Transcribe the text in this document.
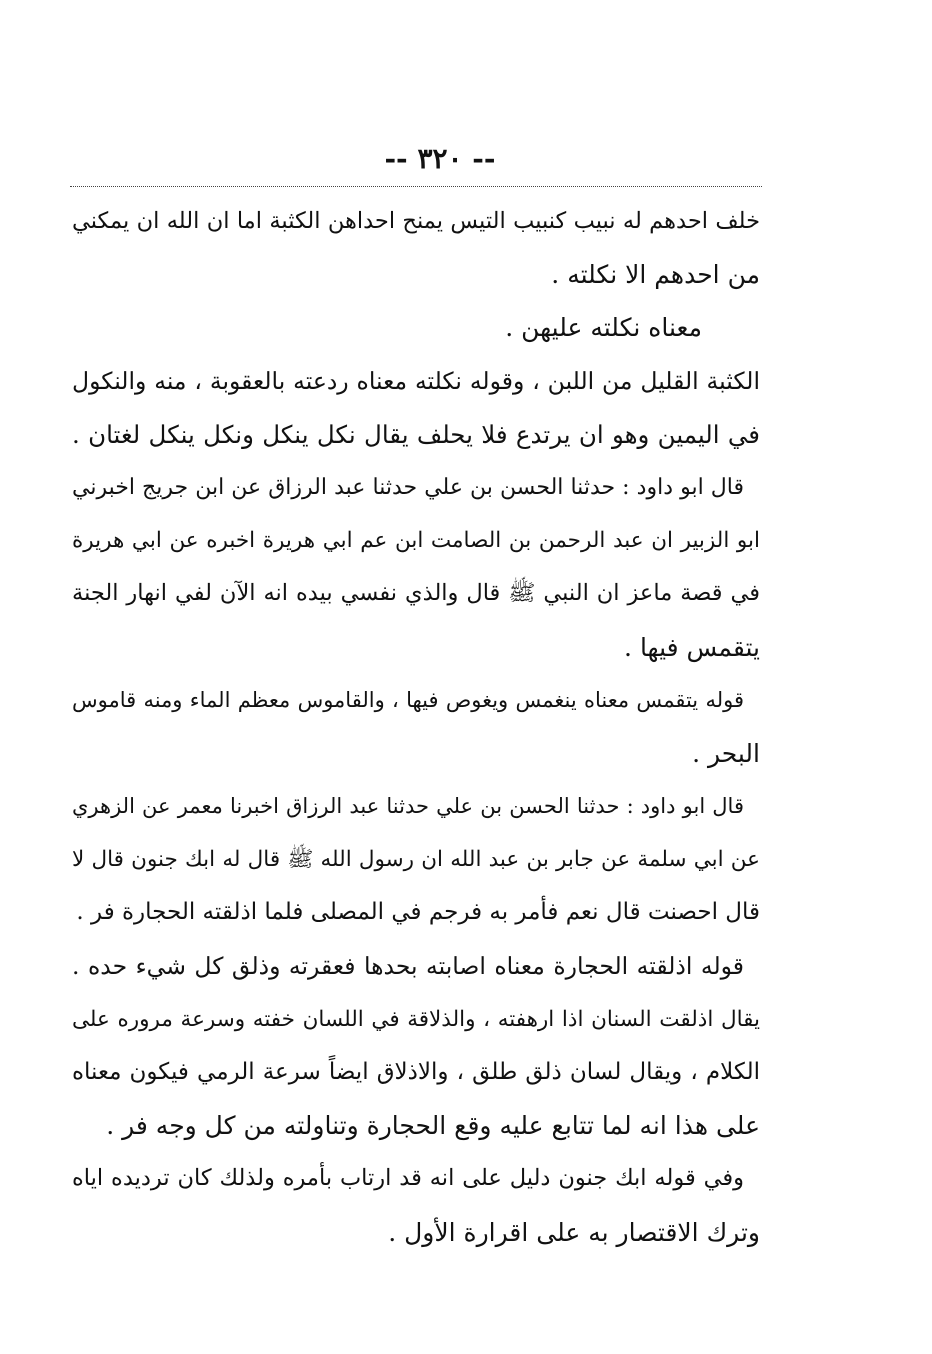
-- ٣٢٠ --
خلف احدهم له نبيب كنبيب التيس يمنح احداهن الكثبة اما ان الله ان يمكني
من احدهم الا نكلته .
معناه نكلته عليهن .
الكثبة القليل من اللبن ، وقوله نكلته معناه ردعته بالعقوبة ، منه والنكول
في اليمين وهو ان يرتدع فلا يحلف يقال نكل ينكل ونكل ينكل لغتان .
قال ابو داود : حدثنا الحسن بن علي حدثنا عبد الرزاق عن ابن جريج اخبرني
ابو الزبير ان عبد الرحمن بن الصامت ابن عم ابي هريرة اخبره عن ابي هريرة
في قصة ماعز ان النبي ﷺ قال والذي نفسي بيده انه الآن لفي انهار الجنة
يتقمس فيها .
قوله يتقمس معناه ينغمس ويغوص فيها ، والقاموس معظم الماء ومنه قاموس
البحر .
قال ابو داود : حدثنا الحسن بن علي حدثنا عبد الرزاق اخبرنا معمر عن الزهري
عن ابي سلمة عن جابر بن عبد الله ان رسول الله ﷺ قال له ابك جنون قال لا
قال احصنت قال نعم فأمر به فرجم في المصلى فلما اذلقته الحجارة فر .
قوله اذلقته الحجارة معناه اصابته بحدها فعقرته وذلق كل شيء حده .
يقال اذلقت السنان اذا ارهفته ، والذلاقة في اللسان خفته وسرعة مروره على
الكلام ، ويقال لسان ذلق طلق ، والاذلاق ايضاً سرعة الرمي فيكون معناه
على هذا انه لما تتابع عليه وقع الحجارة وتناولته من كل وجه فر .
وفي قوله ابك جنون دليل على انه قد ارتاب بأمره ولذلك كان ترديده اياه
وترك الاقتصار به على اقرارة الأول .
